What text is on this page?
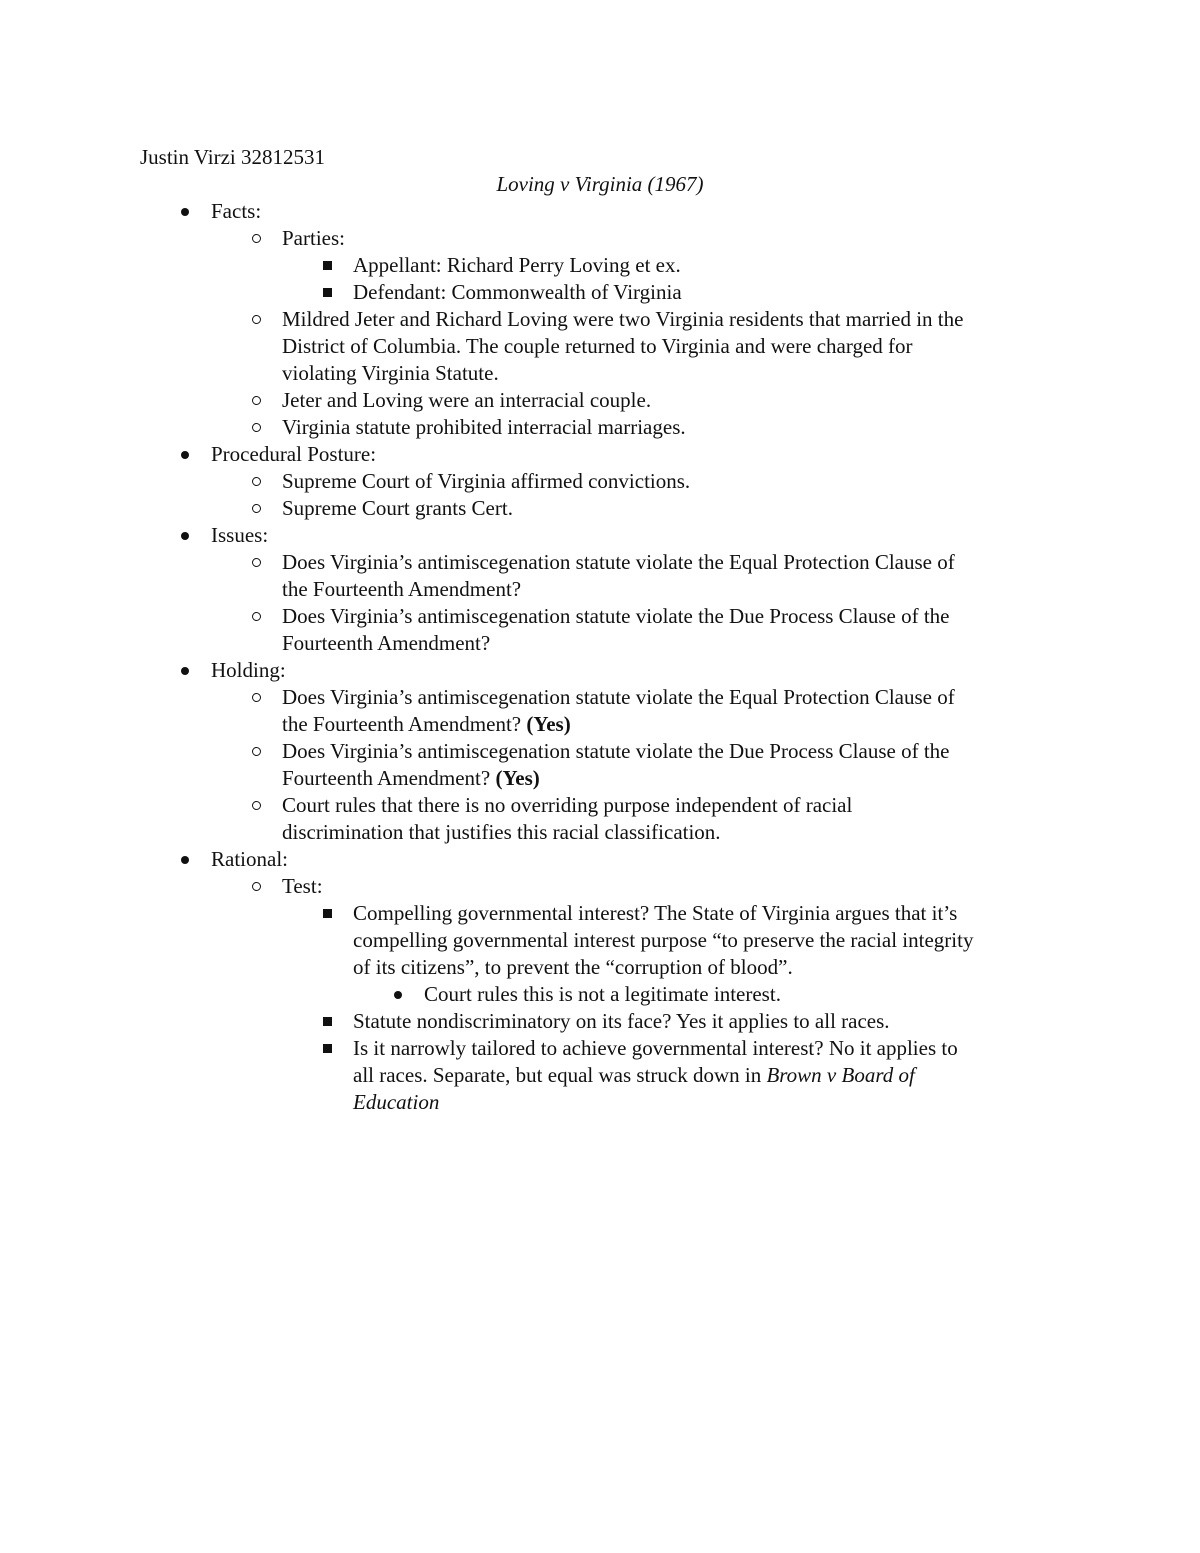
Justin Virzi 32812531
Loving v Virginia (1967)
Facts:
Parties:
Appellant: Richard Perry Loving et ex.
Defendant: Commonwealth of Virginia
Mildred Jeter and Richard Loving were two Virginia residents that married in the
District of Columbia. The couple returned to Virginia and were charged for
violating Virginia Statute.
Jeter and Loving were an interracial couple.
Virginia statute prohibited interracial marriages.
Procedural Posture:
Supreme Court of Virginia affirmed convictions.
Supreme Court grants Cert.
Issues:
Does Virginia’s antimiscegenation statute violate the Equal Protection Clause of
the Fourteenth Amendment?
Does Virginia’s antimiscegenation statute violate the Due Process Clause of the
Fourteenth Amendment?
Holding:
Does Virginia’s antimiscegenation statute violate the Equal Protection Clause of
the Fourteenth Amendment? (Yes)
Does Virginia’s antimiscegenation statute violate the Due Process Clause of the
Fourteenth Amendment? (Yes)
Court rules that there is no overriding purpose independent of racial
discrimination that justifies this racial classification.
Rational:
Test:
Compelling governmental interest? The State of Virginia argues that it’s
compelling governmental interest purpose “to preserve the racial integrity
of its citizens”, to prevent the “corruption of blood”.
Court rules this is not a legitimate interest.
Statute nondiscriminatory on its face? Yes it applies to all races.
Is it narrowly tailored to achieve governmental interest? No it applies to
all races. Separate, but equal was struck down in Brown v Board of
Education
